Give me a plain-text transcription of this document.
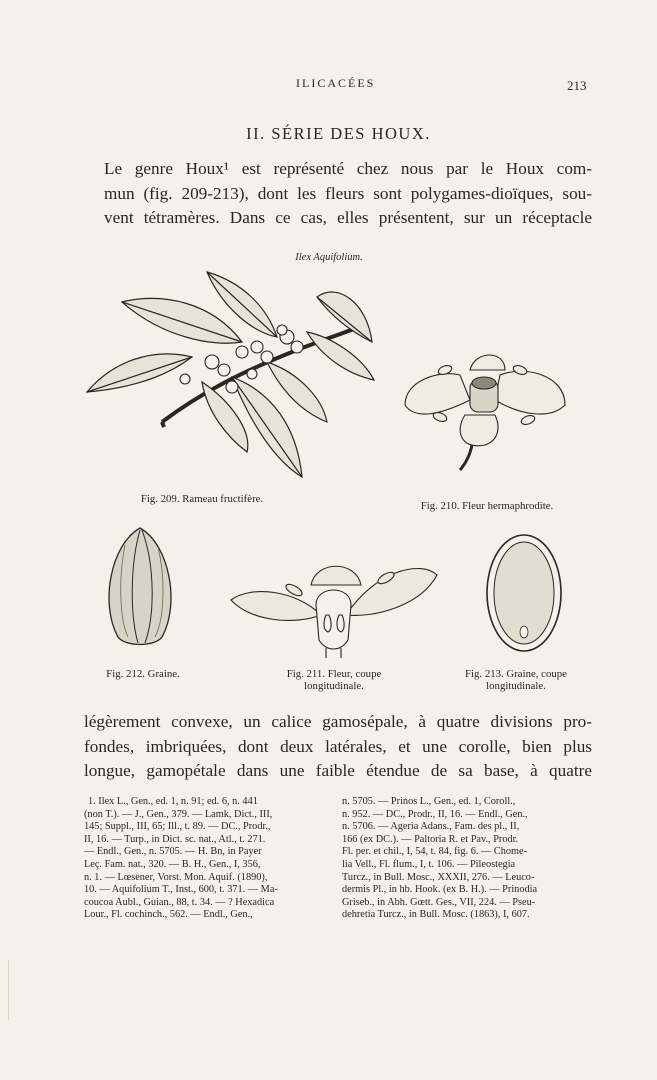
ILICACÉES	213
II. SÉRIE DES HOUX.
Le genre Houx¹ est représenté chez nous par le Houx com-
mun (fig. 209-213), dont les fleurs sont polygames-dioïques, sou-
vent tétramères. Dans ce cas, elles présentent, sur un réceptacle
Ilex Aquifolium.
Fig. 209. Rameau fructifère.
Fig. 210. Fleur hermaphrodite.
Fig. 212. Graine.	Fig. 211. Fleur, coupe
longitudinale.
Fig. 213. Graine, coupe
longitudinale.
légèrement convexe, un calice gamosépale, à quatre divisions pro-
fondes, imbriquées, dont deux latérales, et une corolle, bien plus
longue, gamopétale dans une faible étendue de sa base, à quatre
1. Ilex L., Gen., ed. 1, n. 91; ed. 6, n. 441
(non T.). — J., Gen., 379. — Lamk, Dict., III,
145; Suppl., III, 65; Ill., t. 89. — DC., Prodr.,
II, 16. — Turp., in Dict. sc. nat., Atl., t. 271.
— Endl., Gen., n. 5705. — H. Bn, in Payer
Leç. Fam. nat., 320. — B. H., Gen., I, 356,
n. 1. — Lœsener, Vorst. Mon. Aquif. (1890),
10. — Aquifolium T., Inst., 600, t. 371. — Ma-
coucoa Aubl., Guian., 88, t. 34. — ? Hexadica
Lour., Fl. cochinch., 562. — Endl., Gen.,
n. 5705. — Prinos L., Gen., ed. 1, Coroll.,
n. 952. — DC., Prodr., II, 16. — Endl., Gen.,
n. 5706. — Ageria Adans., Fam. des pl., II,
166 (ex DC.). — Paltoria R. et Pav., Prodr.
Fl. per. et chil., I, 54, t. 84, fig. 6. — Chome-
lia Vell., Fl. flum., I, t. 106. — Pileostegia
Turcz., in Bull. Mosc., XXXII, 276. — Leuco-
dermis Pl., in hb. Hook. (ex B. H.). — Prinodia
Griseb., in Abh. Gœtt. Ges., VII, 224. — Pseu-
dehretia Turcz., in Bull. Mosc. (1863), I, 607.
